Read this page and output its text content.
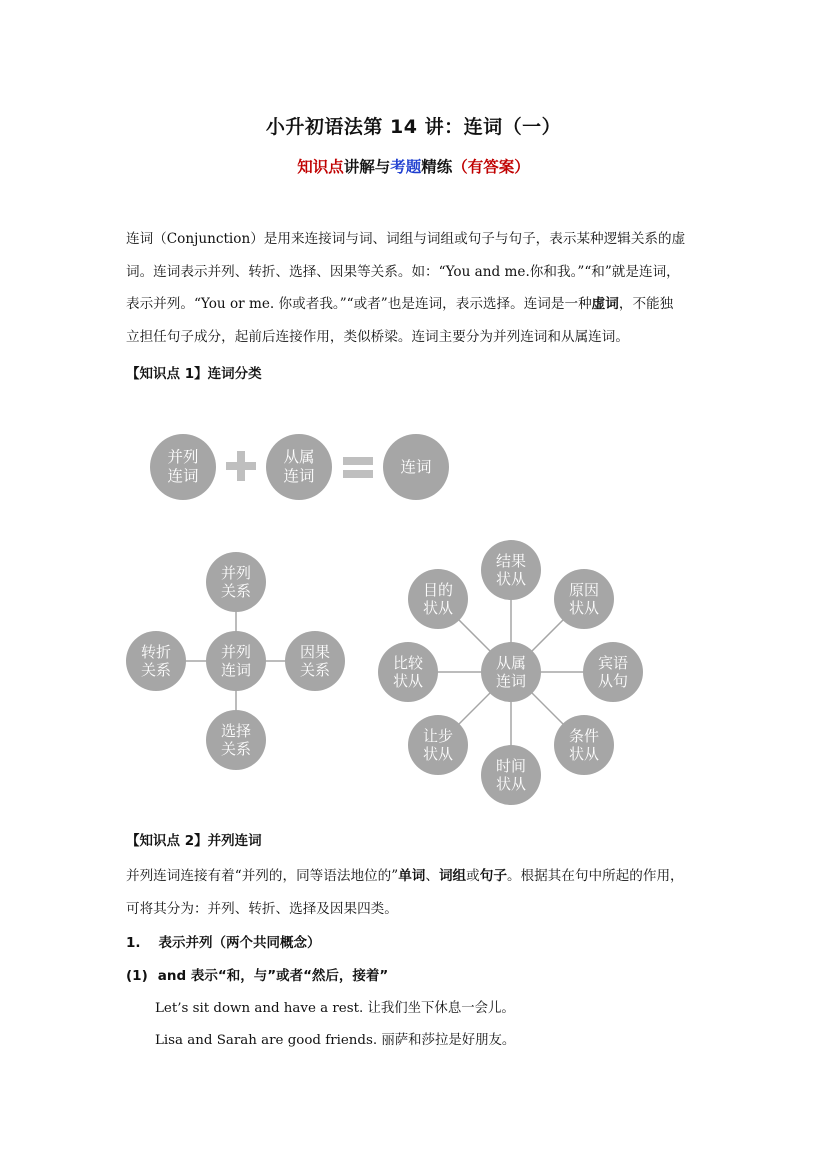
小升初语法第 14 讲：连词（一）
知识点讲解与考题精练（有答案）
连词（Conjunction）是用来连接词与词、词组与词组或句子与句子，表示某种逻辑关系的虚
词。连词表示并列、转折、选择、因果等关系。如：“You and me.你和我。”“和”就是连词，
表示并列。“You or me. 你或者我。”“或者”也是连词，表示选择。连词是一种虚词，不能独
立担任句子成分，起前后连接作用，类似桥梁。连词主要分为并列连词和从属连词。
【知识点 1】连词分类
并列
连词
从属
连词
连词
并列
连词
并列
关系
转折
关系
因果
关系
选择
关系
从属
连词
结果
状从
原因
状从
宾语
从句
条件
状从
时间
状从
让步
状从
比较
状从
目的
状从
【知识点 2】并列连词
并列连词连接有着“并列的，同等语法地位的”单词、词组或句子。根据其在句中所起的作用，
可将其分为：并列、转折、选择及因果四类。
1. 表示并列（两个共同概念）
(1) and 表示“和，与”或者“然后，接着”
Let’s sit down and have a rest. 让我们坐下休息一会儿。
Lisa and Sarah are good friends. 丽萨和莎拉是好朋友。
